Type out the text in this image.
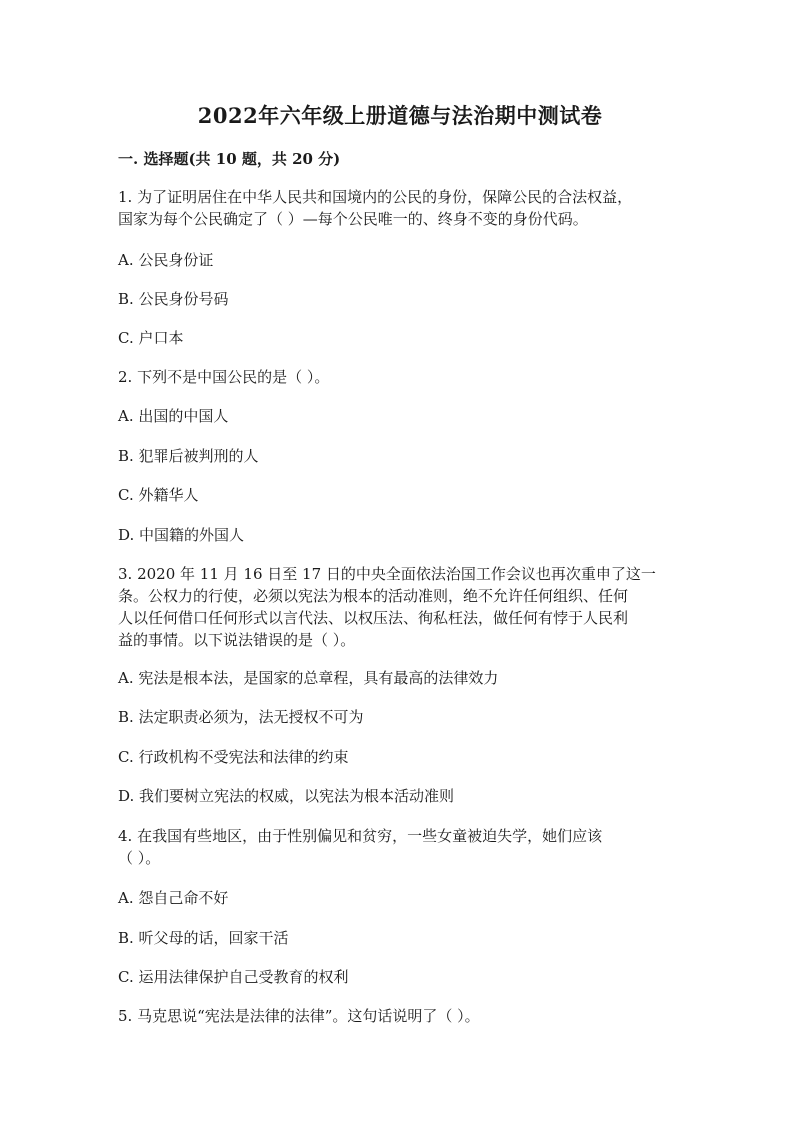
2022年六年级上册道德与法治期中测试卷
一. 选择题(共 10 题，共 20 分)
1. 为了证明居住在中华人民共和国境内的公民的身份，保障公民的合法权益，
国家为每个公民确定了（ ）—每个公民唯一的、终身不变的身份代码。
A. 公民身份证
B. 公民身份号码
C. 户口本
2. 下列不是中国公民的是（ ）。
A. 出国的中国人
B. 犯罪后被判刑的人
C. 外籍华人
D. 中国籍的外国人
3. 2020 年 11 月 16 日至 17 日的中央全面依法治国工作会议也再次重申了这一
条。公权力的行使，必须以宪法为根本的活动准则，绝不允许任何组织、任何
人以任何借口任何形式以言代法、以权压法、徇私枉法，做任何有悖于人民利
益的事情。以下说法错误的是（ ）。
A. 宪法是根本法，是国家的总章程，具有最高的法律效力
B. 法定职责必须为，法无授权不可为
C. 行政机构不受宪法和法律的约束
D. 我们要树立宪法的权威，以宪法为根本活动准则
4. 在我国有些地区，由于性别偏见和贫穷，一些女童被迫失学，她们应该
（ ）。
A. 怨自己命不好
B. 听父母的话，回家干活
C. 运用法律保护自己受教育的权利
5. 马克思说“宪法是法律的法律”。这句话说明了（ ）。
